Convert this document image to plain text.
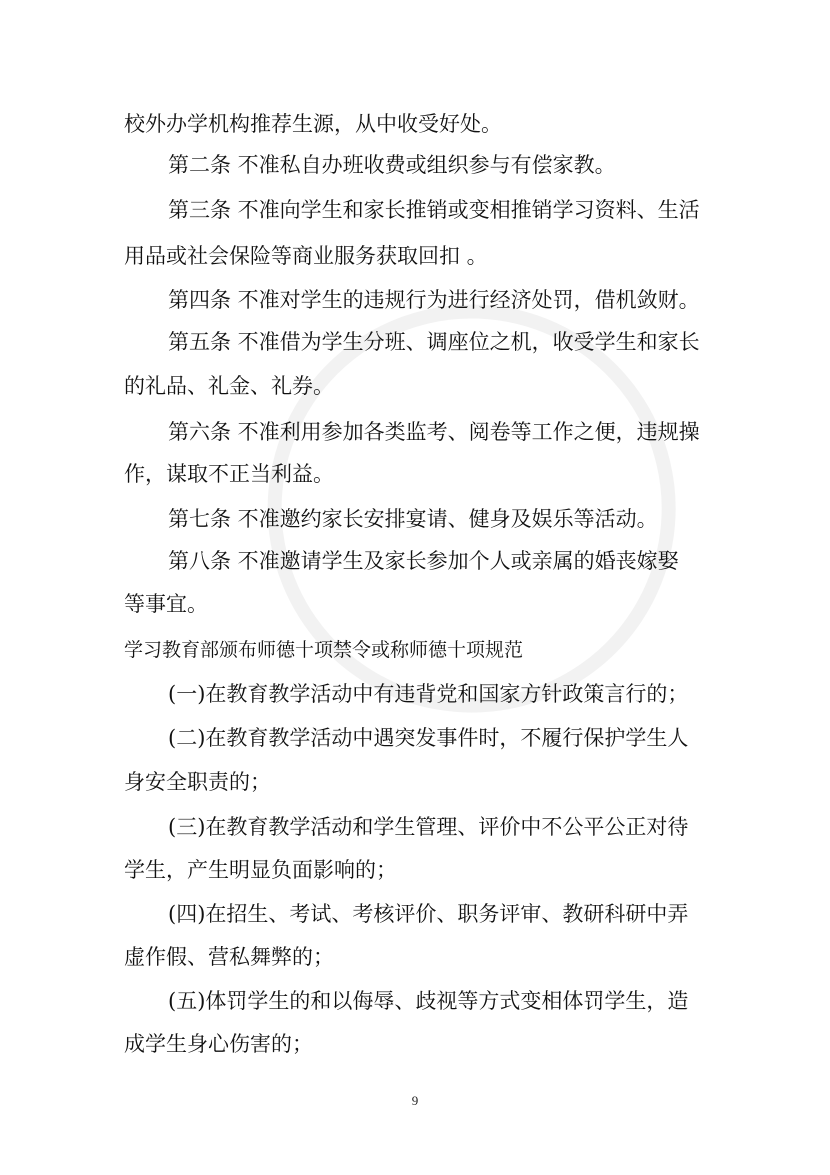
校外办学机构推荐生源，从中收受好处。
第二条 不准私自办班收费或组织参与有偿家教。
第三条 不准向学生和家长推销或变相推销学习资料、生活
用品或社会保险等商业服务获取回扣 。
第四条 不准对学生的违规行为进行经济处罚，借机敛财。
第五条 不准借为学生分班、调座位之机，收受学生和家长
的礼品、礼金、礼券。
第六条 不准利用参加各类监考、阅卷等工作之便，违规操
作，谋取不正当利益。
第七条 不准邀约家长安排宴请、健身及娱乐等活动。
第八条 不准邀请学生及家长参加个人或亲属的婚丧嫁娶
等事宜。
学习教育部颁布师德十项禁令或称师德十项规范
(一)在教育教学活动中有违背党和国家方针政策言行的；
(二)在教育教学活动中遇突发事件时，不履行保护学生人
身安全职责的；
(三)在教育教学活动和学生管理、评价中不公平公正对待
学生，产生明显负面影响的；
(四)在招生、考试、考核评价、职务评审、教研科研中弄
虚作假、营私舞弊的；
(五)体罚学生的和以侮辱、歧视等方式变相体罚学生，造
成学生身心伤害的；
9
